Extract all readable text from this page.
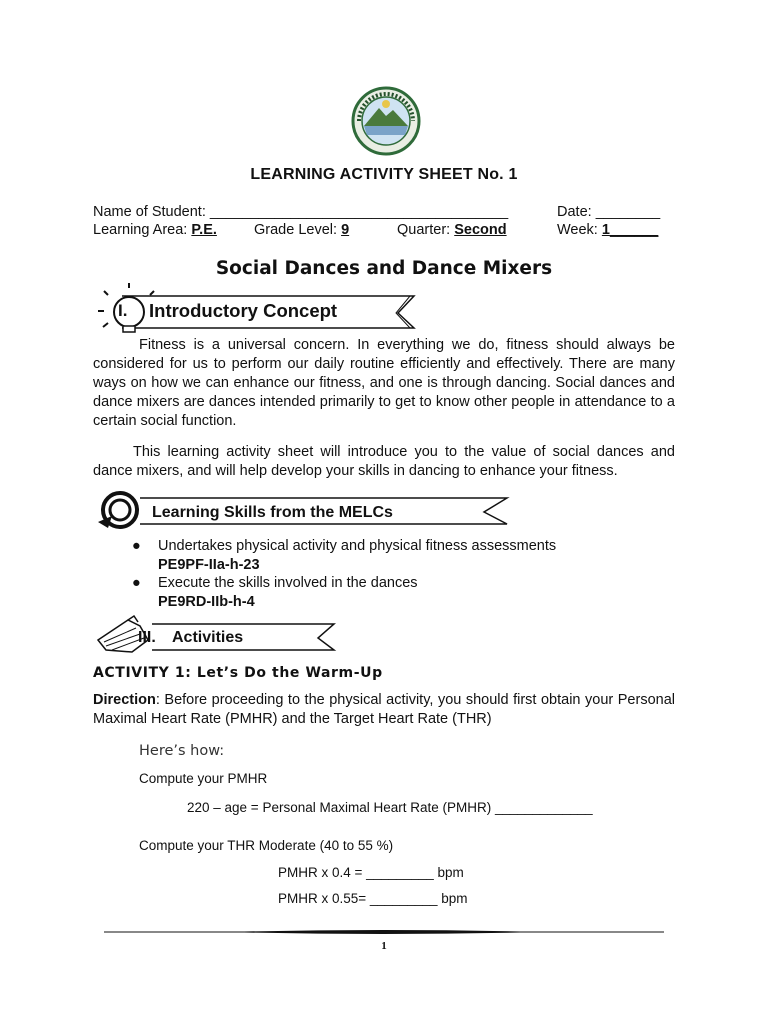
LEARNING ACTIVITY SHEET No. 1
Name of Student: _____________________________________	Date: ________
Learning Area: P.E.	Grade Level: 9	Quarter: Second	Week: 1______
Social Dances and Dance Mixers
I. Introductory Concept
Fitness is a universal concern. In everything we do, fitness should always be considered for us to perform our daily routine efficiently and effectively. There are many ways on how we can enhance our fitness, and one is through dancing. Social dances and dance mixers are dances intended primarily to get to know other people in attendance to a certain social function.
This learning activity sheet will introduce you to the value of social dances and dance mixers, and will help develop your skills in dancing to enhance your fitness.
Learning Skills from the MELCs
● Undertakes physical activity and physical fitness assessments
PE9PF-IIa-h-23
● Execute the skills involved in the dances
PE9RD-IIb-h-4
III. Activities
ACTIVITY 1: Let’s Do the Warm-Up
Direction: Before proceeding to the physical activity, you should first obtain your Personal Maximal Heart Rate (PMHR) and the Target Heart Rate (THR)
Here’s how:
Compute your PMHR
220 – age = Personal Maximal Heart Rate (PMHR) _____________
Compute your THR Moderate (40 to 55 %)
PMHR x 0.4 = _________ bpm
PMHR x 0.55= _________ bpm
1
